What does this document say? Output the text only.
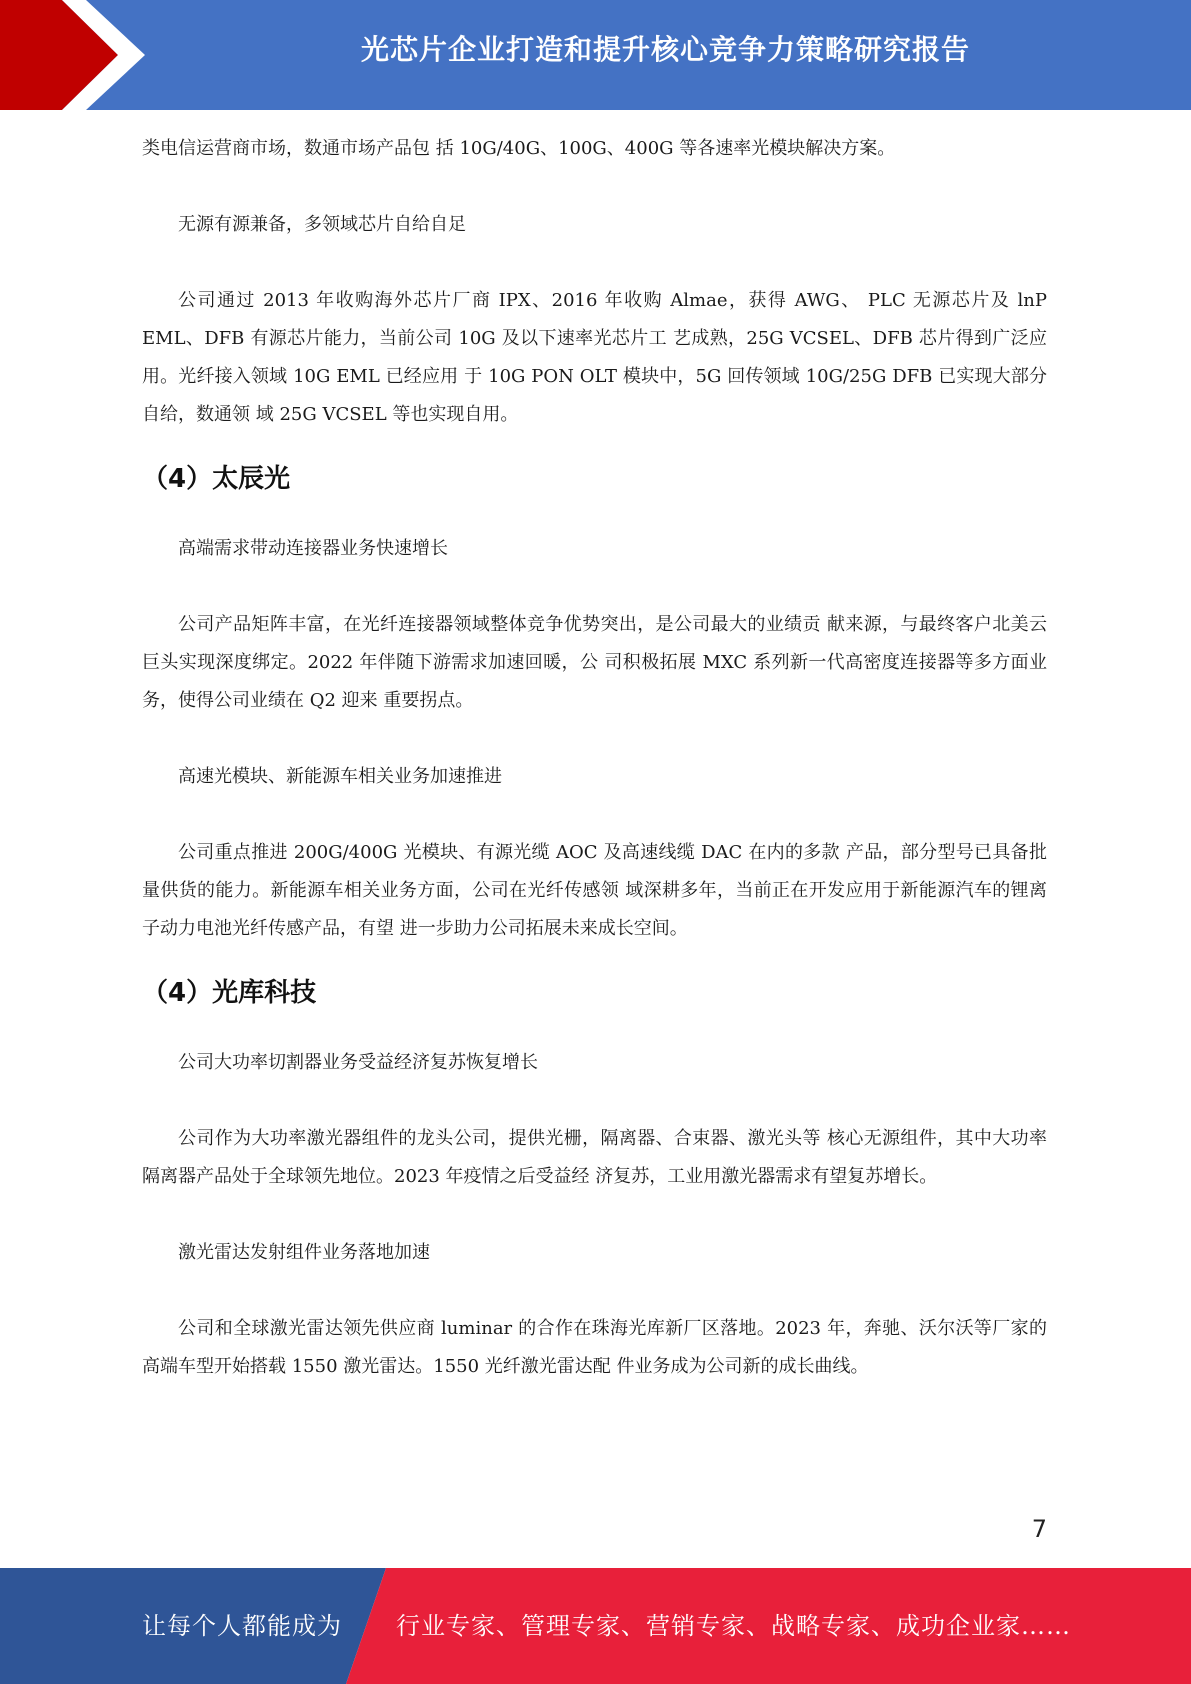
光芯片企业打造和提升核心竞争力策略研究报告

类电信运营商市场，数通市场产品包 括 10G/40G、100G、400G 等各速率光模块解决方案。

无源有源兼备，多领域芯片自给自足

公司通过 2013 年收购海外芯片厂商 IPX、2016 年收购 Almae，获得 AWG、 PLC 无源芯片及 lnP EML、DFB 有源芯片能力，当前公司 10G 及以下速率光芯片工 艺成熟，25G VCSEL、DFB 芯片得到广泛应用。光纤接入领域 10G EML 已经应用 于 10G PON OLT 模块中，5G 回传领域 10G/25G DFB 已实现大部分自给，数通领 域 25G VCSEL 等也实现自用。

（4）太辰光

高端需求带动连接器业务快速增长

公司产品矩阵丰富，在光纤连接器领域整体竞争优势突出，是公司最大的业绩贡 献来源，与最终客户北美云巨头实现深度绑定。2022 年伴随下游需求加速回暖，公 司积极拓展 MXC 系列新一代高密度连接器等多方面业务，使得公司业绩在 Q2 迎来 重要拐点。

高速光模块、新能源车相关业务加速推进

公司重点推进 200G/400G 光模块、有源光缆 AOC 及高速线缆 DAC 在内的多款 产品，部分型号已具备批量供货的能力。新能源车相关业务方面，公司在光纤传感领 域深耕多年，当前正在开发应用于新能源汽车的锂离子动力电池光纤传感产品，有望 进一步助力公司拓展未来成长空间。

（4）光库科技

公司大功率切割器业务受益经济复苏恢复增长

公司作为大功率激光器组件的龙头公司，提供光栅，隔离器、合束器、激光头等 核心无源组件，其中大功率隔离器产品处于全球领先地位。2023 年疫情之后受益经 济复苏，工业用激光器需求有望复苏增长。

激光雷达发射组件业务落地加速

公司和全球激光雷达领先供应商 luminar 的合作在珠海光库新厂区落地。2023 年，奔驰、沃尔沃等厂家的高端车型开始搭载 1550 激光雷达。1550 光纤激光雷达配 件业务成为公司新的成长曲线。

7
让每个人都能成为 行业专家、管理专家、营销专家、战略专家、成功企业家……
